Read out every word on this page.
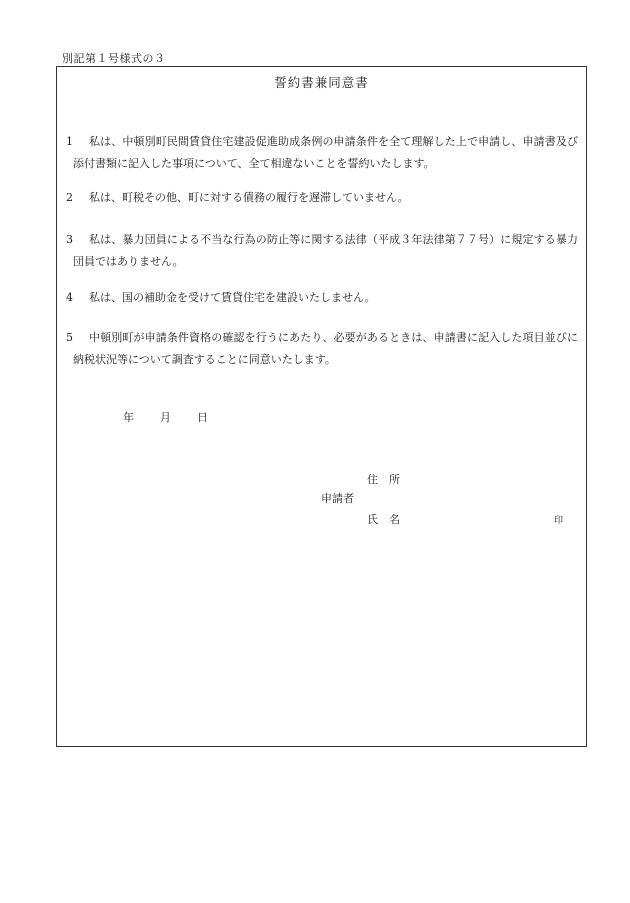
別記第１号様式の３
誓約書兼同意書
1	私は、中頓別町民間賃貸住宅建設促進助成条例の申請条件を全て理解した上で申請し、申請書及び添付書類に記入した事項について、全て相違ないことを誓約いたします。
2	私は、町税その他、町に対する債務の履行を遅滞していません。
3	私は、暴力団員による不当な行為の防止等に関する法律（平成３年法律第７７号）に規定する暴力団員ではありません。
4	私は、国の補助金を受けて賃貸住宅を建設いたしません。
5	中頓別町が申請条件資格の確認を行うにあたり、必要があるときは、申請書に記入した項目並びに納税状況等について調査することに同意いたします。
年 月 日
住　所
申請者
氏　名	印
